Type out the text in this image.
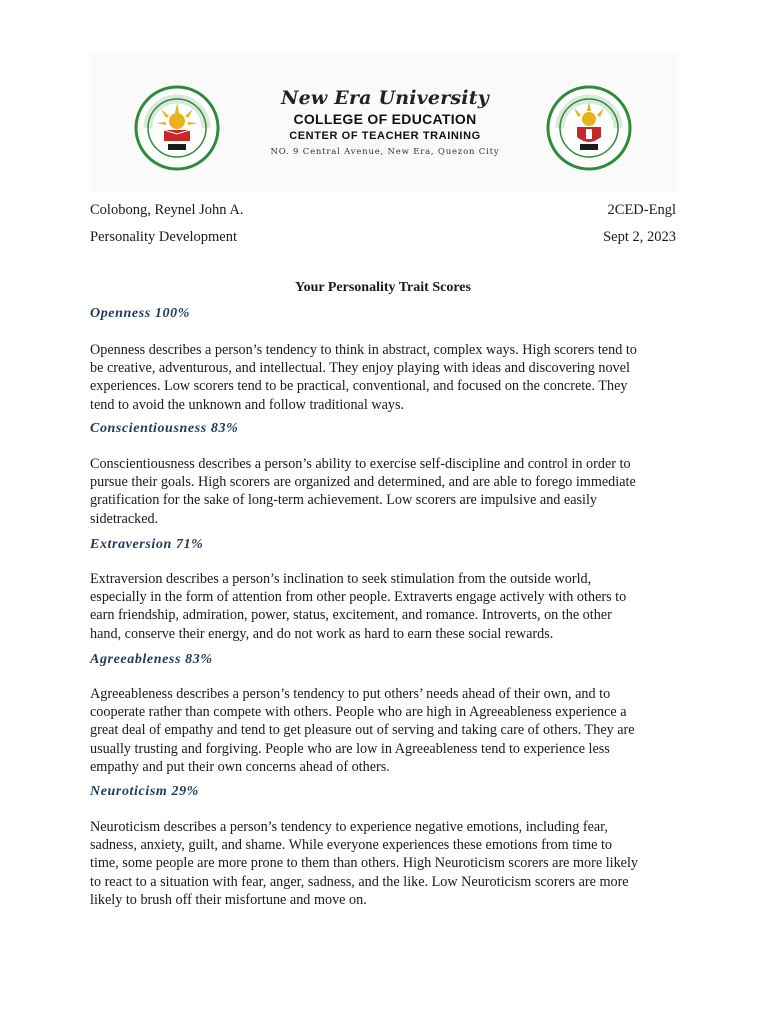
New Era University
COLLEGE OF EDUCATION
CENTER OF TEACHER TRAINING
NO. 9 Central Avenue, New Era, Quezon City
Colobong, Reynel John A.	2CED-Engl
Personality Development	Sept 2, 2023
Your Personality Trait Scores
Openness 100%
Openness describes a person’s tendency to think in abstract, complex ways. High scorers tend to
be creative, adventurous, and intellectual. They enjoy playing with ideas and discovering novel
experiences. Low scorers tend to be practical, conventional, and focused on the concrete. They
tend to avoid the unknown and follow traditional ways.
Conscientiousness 83%
Conscientiousness describes a person’s ability to exercise self-discipline and control in order to
pursue their goals. High scorers are organized and determined, and are able to forego immediate
gratification for the sake of long-term achievement. Low scorers are impulsive and easily
sidetracked.
Extraversion 71%
Extraversion describes a person’s inclination to seek stimulation from the outside world,
especially in the form of attention from other people. Extraverts engage actively with others to
earn friendship, admiration, power, status, excitement, and romance. Introverts, on the other
hand, conserve their energy, and do not work as hard to earn these social rewards.
Agreeableness 83%
Agreeableness describes a person’s tendency to put others’ needs ahead of their own, and to
cooperate rather than compete with others. People who are high in Agreeableness experience a
great deal of empathy and tend to get pleasure out of serving and taking care of others. They are
usually trusting and forgiving. People who are low in Agreeableness tend to experience less
empathy and put their own concerns ahead of others.
Neuroticism 29%
Neuroticism describes a person’s tendency to experience negative emotions, including fear,
sadness, anxiety, guilt, and shame. While everyone experiences these emotions from time to
time, some people are more prone to them than others. High Neuroticism scorers are more likely
to react to a situation with fear, anger, sadness, and the like. Low Neuroticism scorers are more
likely to brush off their misfortune and move on.
